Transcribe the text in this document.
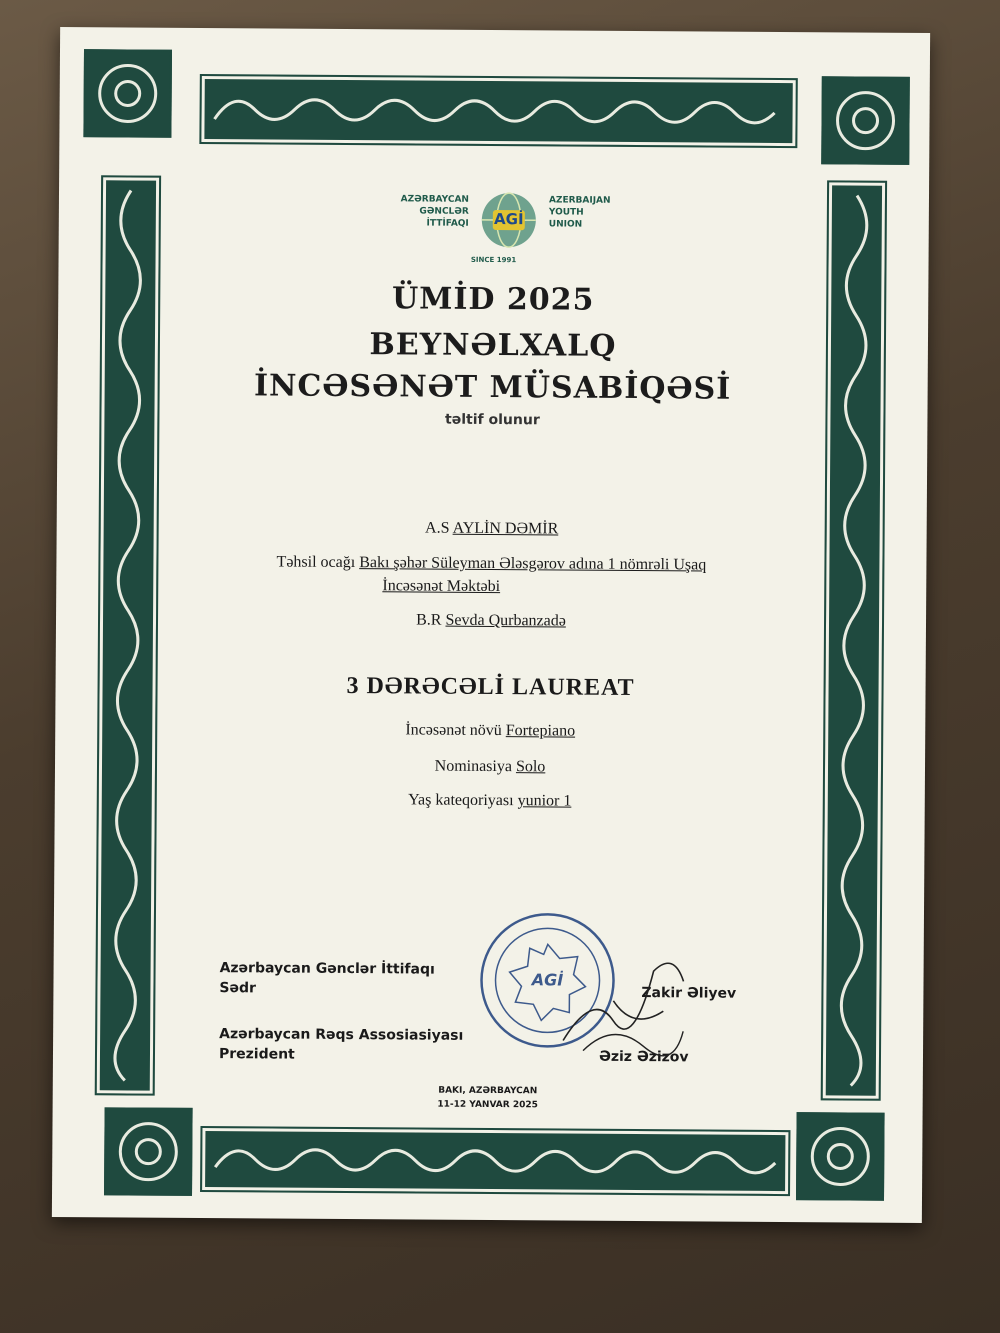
AZƏRBAYCAN
GƏNCLƏR
İTTİFAQI	AGİ
AZERBAIJAN
YOUTH
UNION
SINCE 1991
ÜMİD 2025
BEYNƏLXALQ
İNCƏSƏNƏT MÜSABİQƏSİ
təltif olunur
A.S AYLİN DƏMİR
Təhsil ocağı Bakı şəhər Süleyman Ələsgərov adına 1 nömrəli Uşaq
İncəsənət Məktəbi
B.R Sevda Qurbanzadə
3 DƏRƏCƏLİ LAUREAT
İncəsənət növü Fortepiano
Nominasiya Solo
Yaş kateqoriyası yunior 1
AGİ
Azərbaycan Gənclər İttifaqı
Sədr	Zakir Əliyev
Azərbaycan Rəqs Assosiasiyası
Prezident	Əziz Əzizov
BAKI, AZƏRBAYCAN
11-12 YANVAR 2025
